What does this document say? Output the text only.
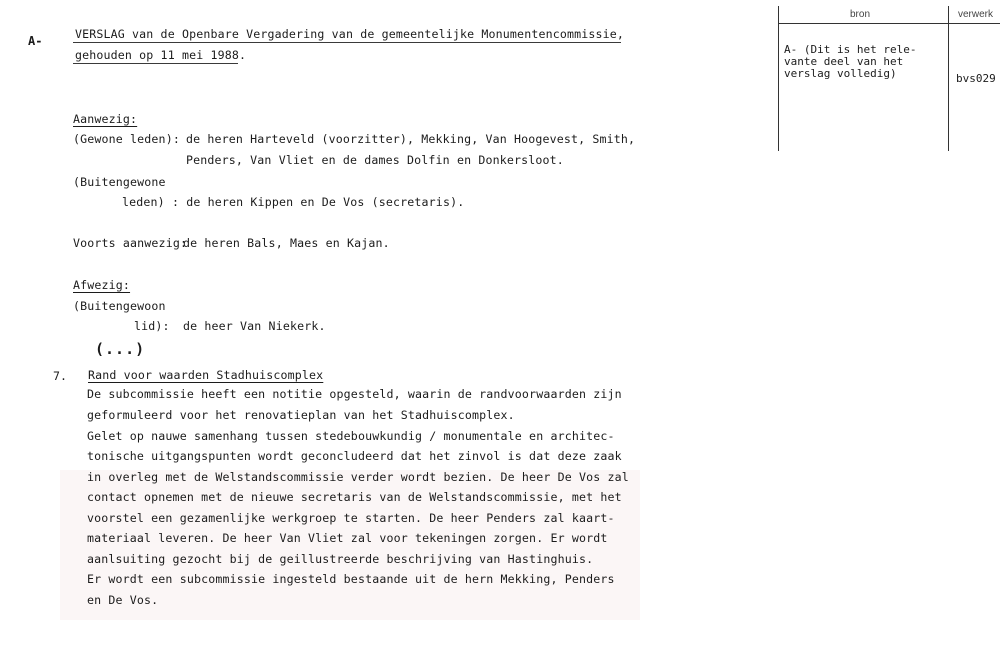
A-	VERSLAG van de Openbare Vergadering van de gemeentelijke Monumentencommissie,
gehouden op 11 mei 1988.
Aanwezig:
(Gewone leden): de heren Harteveld (voorzitter), Mekking, Van Hoogevest, Smith,
Penders, Van Vliet en de dames Dolfin en Donkersloot.
(Buitengewone
leden) : de heren Kippen en De Vos (secretaris).
Voorts aanwezig:
de heren Bals, Maes en Kajan.
Afwezig:
(Buitengewoon
lid): de heer Van Niekerk.
(...)
7. Rand voor waarden Stadhuiscomplex
De subcommissie heeft een notitie opgesteld, waarin de randvoorwaarden zijn
geformuleerd voor het renovatieplan van het Stadhuiscomplex.
Gelet op nauwe samenhang tussen stedebouwkundig / monumentale en architec-
tonische uitgangspunten wordt geconcludeerd dat het zinvol is dat deze zaak
in overleg met de Welstandscommissie verder wordt bezien. De heer De Vos zal
contact opnemen met de nieuwe secretaris van de Welstandscommissie, met het
voorstel een gezamenlijke werkgroep te starten. De heer Penders zal kaart-
materiaal leveren. De heer Van Vliet zal voor tekeningen zorgen. Er wordt
aanlsuiting gezocht bij de geillustreerde beschrijving van Hastinghuis.
Er wordt een subcommissie ingesteld bestaande uit de hern Mekking, Penders
en De Vos.
bron	verwerk
A- (Dit is het rele-
vante deel van het
verslag volledig)	bvs029
